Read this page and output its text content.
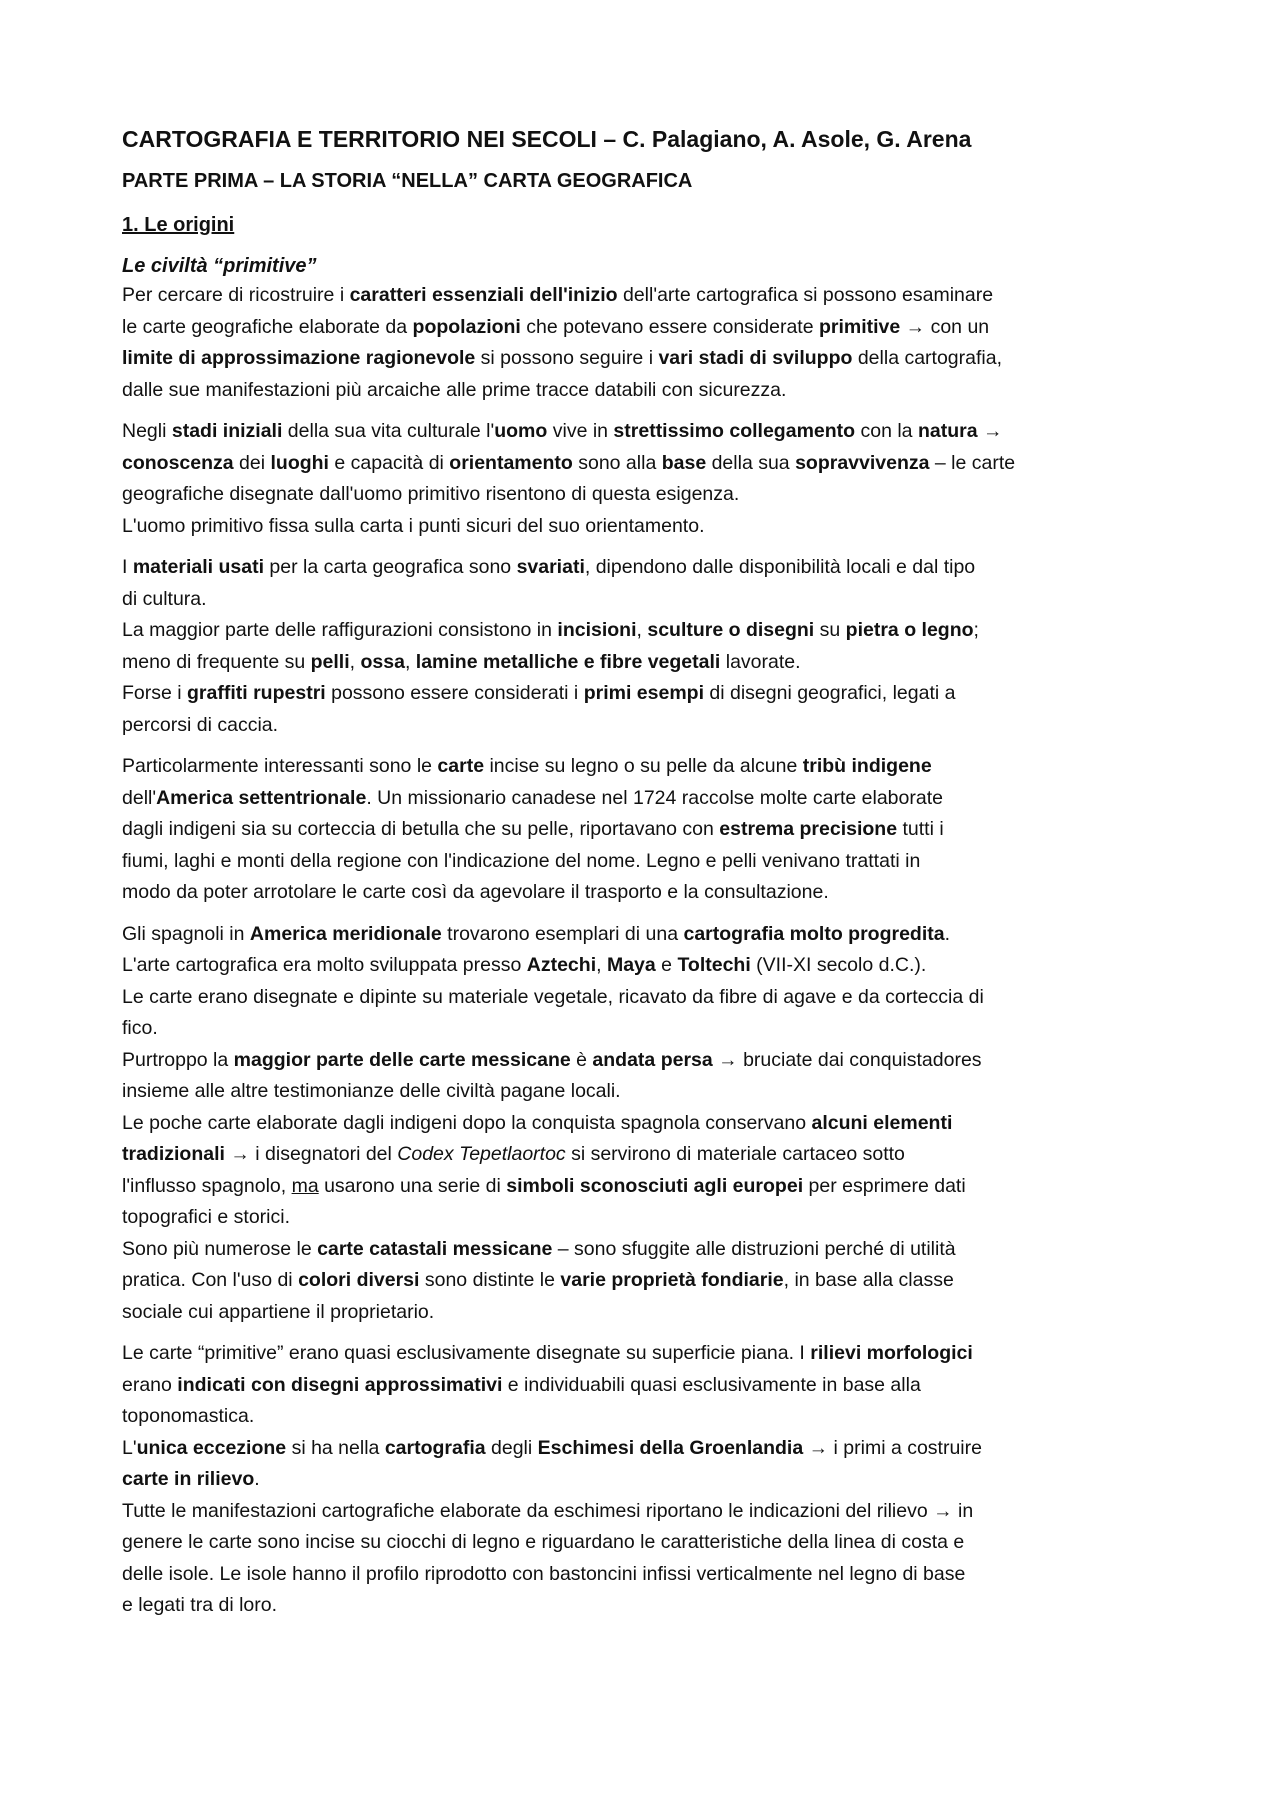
CARTOGRAFIA E TERRITORIO NEI SECOLI – C. Palagiano, A. Asole, G. Arena
PARTE PRIMA – LA STORIA “NELLA” CARTA GEOGRAFICA
1. Le origini
Le civiltà “primitive”
Per cercare di ricostruire i caratteri essenziali dell'inizio dell'arte cartografica si possono esaminare
le carte geografiche elaborate da popolazioni che potevano essere considerate primitive → con un
limite di approssimazione ragionevole si possono seguire i vari stadi di sviluppo della cartografia,
dalle sue manifestazioni più arcaiche alle prime tracce databili con sicurezza.
Negli stadi iniziali della sua vita culturale l'uomo vive in strettissimo collegamento con la natura →
conoscenza dei luoghi e capacità di orientamento sono alla base della sua sopravvivenza – le carte
geografiche disegnate dall'uomo primitivo risentono di questa esigenza.
L'uomo primitivo fissa sulla carta i punti sicuri del suo orientamento.
I materiali usati per la carta geografica sono svariati, dipendono dalle disponibilità locali e dal tipo
di cultura.
La maggior parte delle raffigurazioni consistono in incisioni, sculture o disegni su pietra o legno;
meno di frequente su pelli, ossa, lamine metalliche e fibre vegetali lavorate.
Forse i graffiti rupestri possono essere considerati i primi esempi di disegni geografici, legati a
percorsi di caccia.
Particolarmente interessanti sono le carte incise su legno o su pelle da alcune tribù indigene
dell'America settentrionale. Un missionario canadese nel 1724 raccolse molte carte elaborate
dagli indigeni sia su corteccia di betulla che su pelle, riportavano con estrema precisione tutti i
fiumi, laghi e monti della regione con l'indicazione del nome. Legno e pelli venivano trattati in
modo da poter arrotolare le carte così da agevolare il trasporto e la consultazione.
Gli spagnoli in America meridionale trovarono esemplari di una cartografia molto progredita.
L'arte cartografica era molto sviluppata presso Aztechi, Maya e Toltechi (VII-XI secolo d.C.).
Le carte erano disegnate e dipinte su materiale vegetale, ricavato da fibre di agave e da corteccia di
fico.
Purtroppo la maggior parte delle carte messicane è andata persa → bruciate dai conquistadores
insieme alle altre testimonianze delle civiltà pagane locali.
Le poche carte elaborate dagli indigeni dopo la conquista spagnola conservano alcuni elementi
tradizionali → i disegnatori del Codex Tepetlaortoc si servirono di materiale cartaceo sotto
l'influsso spagnolo, ma usarono una serie di simboli sconosciuti agli europei per esprimere dati
topografici e storici.
Sono più numerose le carte catastali messicane – sono sfuggite alle distruzioni perché di utilità
pratica. Con l'uso di colori diversi sono distinte le varie proprietà fondiarie, in base alla classe
sociale cui appartiene il proprietario.
Le carte “primitive” erano quasi esclusivamente disegnate su superficie piana. I rilievi morfologici
erano indicati con disegni approssimativi e individuabili quasi esclusivamente in base alla
toponomastica.
L'unica eccezione si ha nella cartografia degli Eschimesi della Groenlandia → i primi a costruire
carte in rilievo.
Tutte le manifestazioni cartografiche elaborate da eschimesi riportano le indicazioni del rilievo → in
genere le carte sono incise su ciocchi di legno e riguardano le caratteristiche della linea di costa e
delle isole. Le isole hanno il profilo riprodotto con bastoncini infissi verticalmente nel legno di base
e legati tra di loro.
